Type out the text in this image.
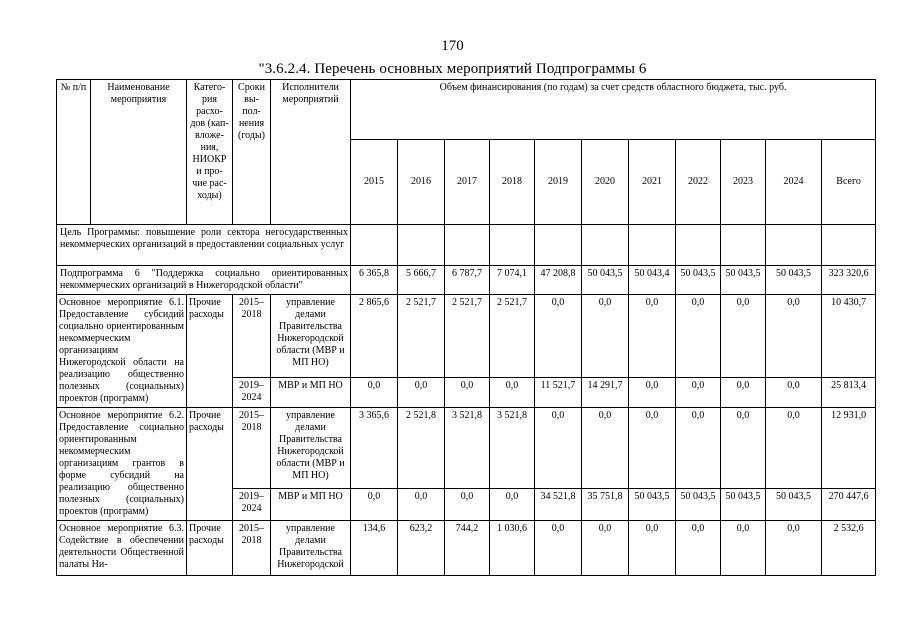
170
"3.6.2.4. Перечень основных мероприятий Подпрограммы 6
№ п/п	Наименование мероприятия	Катего-рия расхо-дов (кап-вложе-ния, НИОКР и про-чие рас-ходы)	Сроки вы-пол-нения (годы)	Исполнители мероприятий	Объем финансирования (по годам) за счет средств областного бюджета, тыс. руб.										
					2015	2016	2017	2018	2019	2020	2021	2022	2023	2024	Всего
Цель Программы: повышение роли сектора негосударственных некоммерческих организаций в предоставлении социальных услуг															
Подпрограмма 6 "Поддержка социально ориентированных некоммерческих организаций в Нижегородской области"					6 365,8	5 666,7	6 787,7	7 074,1	47 208,8	50 043,5	50 043,4	50 043,5	50 043,5	50 043,5	323 320,6
Основное мероприятие 6.1. Предоставление субсидий социально ориентированным некоммерческим организациям Нижегородской области на реализацию общественно полезных (социальных) проектов (программ)		Прочие расходы	2015–2018	управление делами Правительства Нижегородской области (МВР и МП НО)	2 865,6	2 521,7	2 521,7	2 521,7	0,0	0,0	0,0	0,0	0,0	0,0	10 430,7
			2019–2024	МВР и МП НО	0,0	0,0	0,0	0,0	11 521,7	14 291,7	0,0	0,0	0,0	0,0	25 813,4
Основное мероприятие 6.2. Предоставление социально ориентированным некоммерческим организациям грантов в форме субсидий на реализацию общественно полезных (социальных) проектов (программ)		Прочие расходы	2015–2018	управление делами Правительства Нижегородской области (МВР и МП НО)	3 365,6	2 521,8	3 521,8	3 521,8	0,0	0,0	0,0	0,0	0,0	0,0	12 931,0
			2019–2024	МВР и МП НО	0,0	0,0	0,0	0,0	34 521,8	35 751,8	50 043,5	50 043,5	50 043,5	50 043,5	270 447,6
Основное мероприятие 6.3. Содействие в обеспечении деятельности Общественной палаты Ни-		Прочие расходы	2015–2018	управление делами Правительства Нижегородской	134,6	623,2	744,2	1 030,6	0,0	0,0	0,0	0,0	0,0	0,0	2 532,6
